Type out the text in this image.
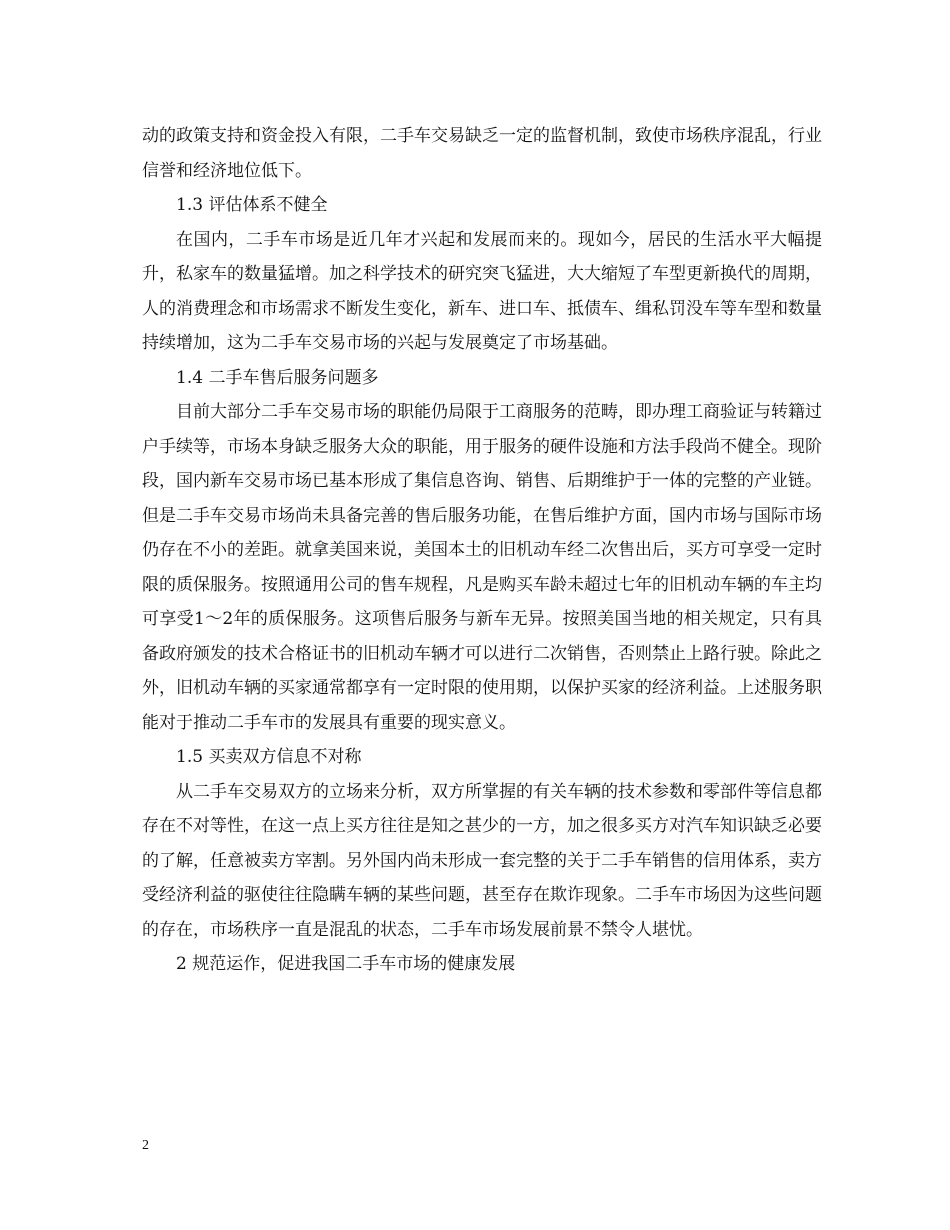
动的政策支持和资金投入有限，二手车交易缺乏一定的监督机制，致使市场秩序混乱，行业信誉和经济地位低下。

1.3 评估体系不健全

在国内，二手车市场是近几年才兴起和发展而来的。现如今，居民的生活水平大幅提升，私家车的数量猛增。加之科学技术的研究突飞猛进，大大缩短了车型更新换代的周期，人的消费理念和市场需求不断发生变化，新车、进口车、抵债车、缉私罚没车等车型和数量持续增加，这为二手车交易市场的兴起与发展奠定了市场基础。

1.4 二手车售后服务问题多

目前大部分二手车交易市场的职能仍局限于工商服务的范畴，即办理工商验证与转籍过户手续等，市场本身缺乏服务大众的职能，用于服务的硬件设施和方法手段尚不健全。现阶段，国内新车交易市场已基本形成了集信息咨询、销售、后期维护于一体的完整的产业链。但是二手车交易市场尚未具备完善的售后服务功能，在售后维护方面，国内市场与国际市场仍存在不小的差距。就拿美国来说，美国本土的旧机动车经二次售出后，买方可享受一定时限的质保服务。按照通用公司的售车规程，凡是购买车龄未超过七年的旧机动车辆的车主均可享受1～2年的质保服务。这项售后服务与新车无异。按照美国当地的相关规定，只有具备政府颁发的技术合格证书的旧机动车辆才可以进行二次销售，否则禁止上路行驶。除此之外，旧机动车辆的买家通常都享有一定时限的使用期，以保护买家的经济利益。上述服务职能对于推动二手车市的发展具有重要的现实意义。

1.5 买卖双方信息不对称

从二手车交易双方的立场来分析，双方所掌握的有关车辆的技术参数和零部件等信息都存在不对等性，在这一点上买方往往是知之甚少的一方，加之很多买方对汽车知识缺乏必要的了解，任意被卖方宰割。另外国内尚未形成一套完整的关于二手车销售的信用体系，卖方受经济利益的驱使往往隐瞒车辆的某些问题，甚至存在欺诈现象。二手车市场因为这些问题的存在，市场秩序一直是混乱的状态，二手车市场发展前景不禁令人堪忧。

2 规范运作，促进我国二手车市场的健康发展

2
